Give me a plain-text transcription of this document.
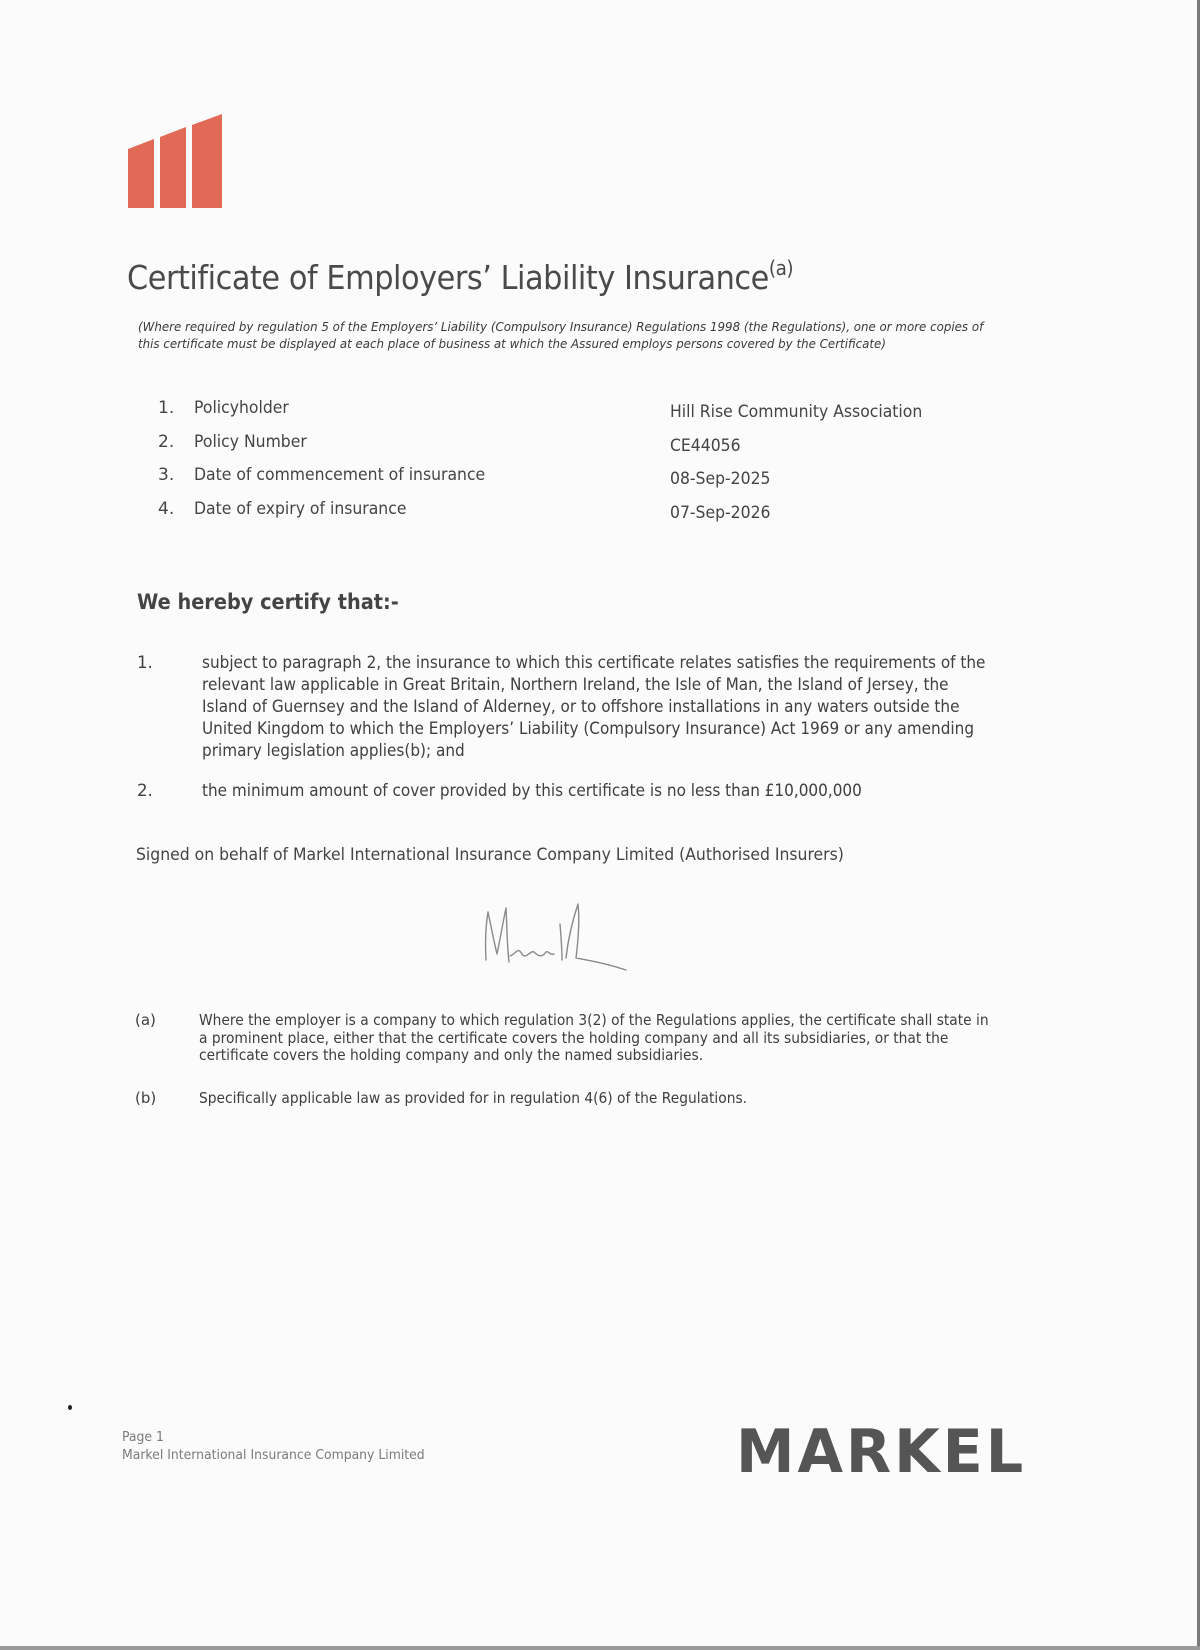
Certificate of Employers’ Liability Insurance$^{(a)}$
(Where required by regulation 5 of the Employers’ Liability (Compulsory Insurance) Regulations 1998 (the Regulations), one or more copies of this certificate must be displayed at each place of business at which the Assured employs persons covered by the Certificate)
1.	Policyholder	Hill Rise Community Association
2.	Policy Number	CE44056
3.	Date of commencement of insurance	08-Sep-2025
4.	Date of expiry of insurance	07-Sep-2026
We hereby certify that:-
1.	subject to paragraph 2, the insurance to which this certificate relates satisfies the requirements of the relevant law applicable in Great Britain, Northern Ireland, the Isle of Man, the Island of Jersey, the Island of Guernsey and the Island of Alderney, or to offshore installations in any waters outside the United Kingdom to which the Employers’ Liability (Compulsory Insurance) Act 1969 or any amending primary legislation applies(b); and
2.	the minimum amount of cover provided by this certificate is no less than £10,000,000
Signed on behalf of Markel International Insurance Company Limited (Authorised Insurers)
(a)	Where the employer is a company to which regulation 3(2) of the Regulations applies, the certificate shall state in a prominent place, either that the certificate covers the holding company and all its subsidiaries, or that the certificate covers the holding company and only the named subsidiaries.
(b)	Specifically applicable law as provided for in regulation 4(6) of the Regulations.
Page 1
Markel International Insurance Company Limited	MARKEL
